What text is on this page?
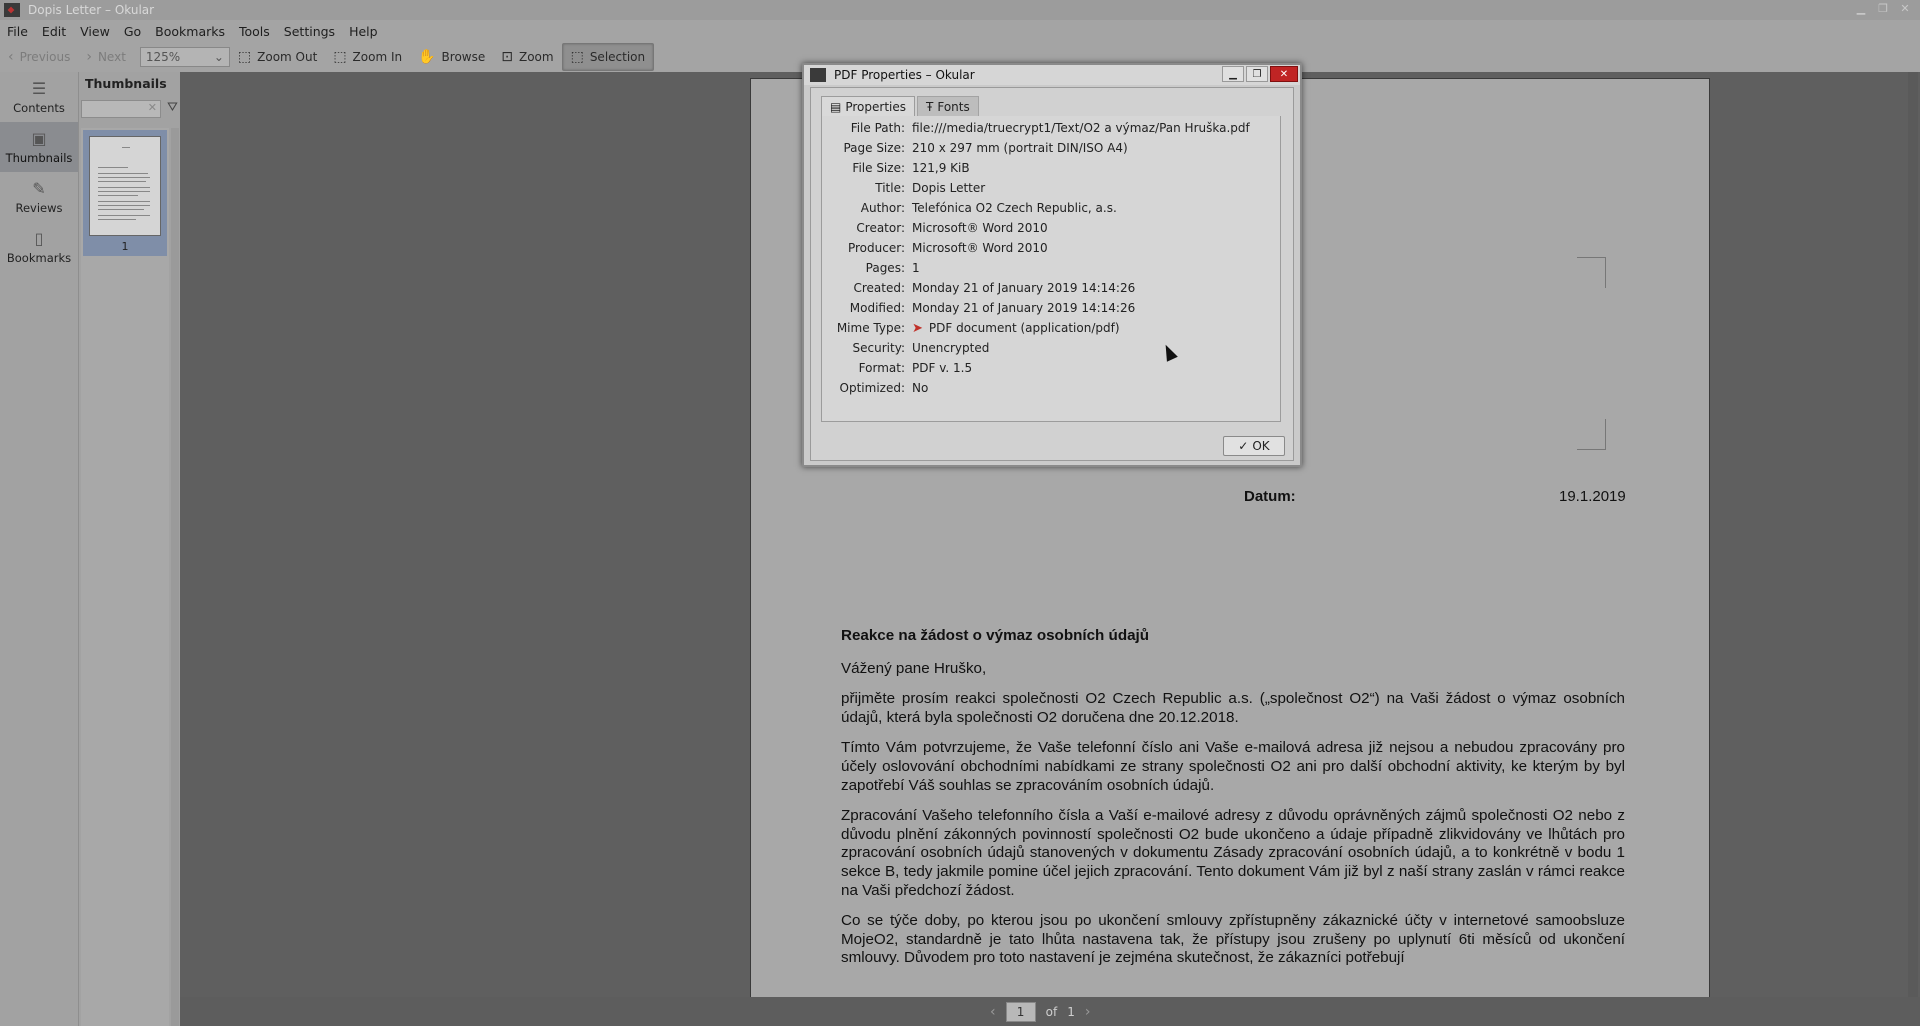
Dopis Letter – Okular	▁	❐	✕
File	Edit	View	Go	Bookmarks	Tools	Settings	Help
‹ Previous › Next 125%	⌄ ⬚ Zoom Out ⬚ Zoom In ✋ Browse ⊡ Zoom ⬚ Selection
☰
Contents
▣
Thumbnails
✎
Reviews
▯
Bookmarks
Thumbnails
✕ ⛛
1
Datum:	19.1.2019

Reakce na žádost o výmaz osobních údajů

Vážený pane Hruško,

přijměte prosím reakci společnosti O2 Czech Republic a.s. („společnost O2“) na Vaši žádost o výmaz osobních údajů, která byla společnosti O2 doručena dne 20.12.2018.

Tímto Vám potvrzujeme, že Vaše telefonní číslo ani Vaše e-mailová adresa již nejsou a nebudou zpracovány pro účely oslovování obchodními nabídkami ze strany společnosti O2 ani pro další obchodní aktivity, ke kterým by byl zapotřebí Váš souhlas se zpracováním osobních údajů.

Zpracování Vašeho telefonního čísla a Vaší e-mailové adresy z důvodu oprávněných zájmů společnosti O2 nebo z důvodu plnění zákonných povinností společnosti O2 bude ukončeno a údaje případně zlikvidovány ve lhůtách pro zpracování osobních údajů stanovených v dokumentu Zásady zpracování osobních údajů, a to konkrétně v bodu 1 sekce B, tedy jakmile pomine účel jejich zpracování. Tento dokument Vám již byl z naší strany zaslán v rámci reakce na Vaši předchozí žádost.

Co se týče doby, po kterou jsou po ukončení smlouvy zpřístupněny zákaznické účty v internetové samoobsluze MojeO2, standardně je tato lhůta nastavena tak, že přístupy jsou zrušeny po uplynutí 6ti měsíců od ukončení smlouvy. Důvodem pro toto nastavení je zejména skutečnost, že zákazníci potřebují

‹	1	of 1 ›
PDF Properties – Okular	▁	❐	✕
▤ Properties Ŧ Fonts
File Path: file:///media/truecrypt1/Text/O2 a výmaz/Pan Hruška.pdf
Page Size: 210 x 297 mm (portrait DIN/ISO A4)
File Size: 121,9 KiB
Title: Dopis Letter
Author: Telefónica O2 Czech Republic, a.s.
Creator: Microsoft® Word 2010
Producer: Microsoft® Word 2010
Pages: 1
Created: Monday 21 of January 2019 14:14:26
Modified: Monday 21 of January 2019 14:14:26
Mime Type: ➤ PDF document (application/pdf)
Security: Unencrypted
Format: PDF v. 1.5
Optimized: No
✓ OK
